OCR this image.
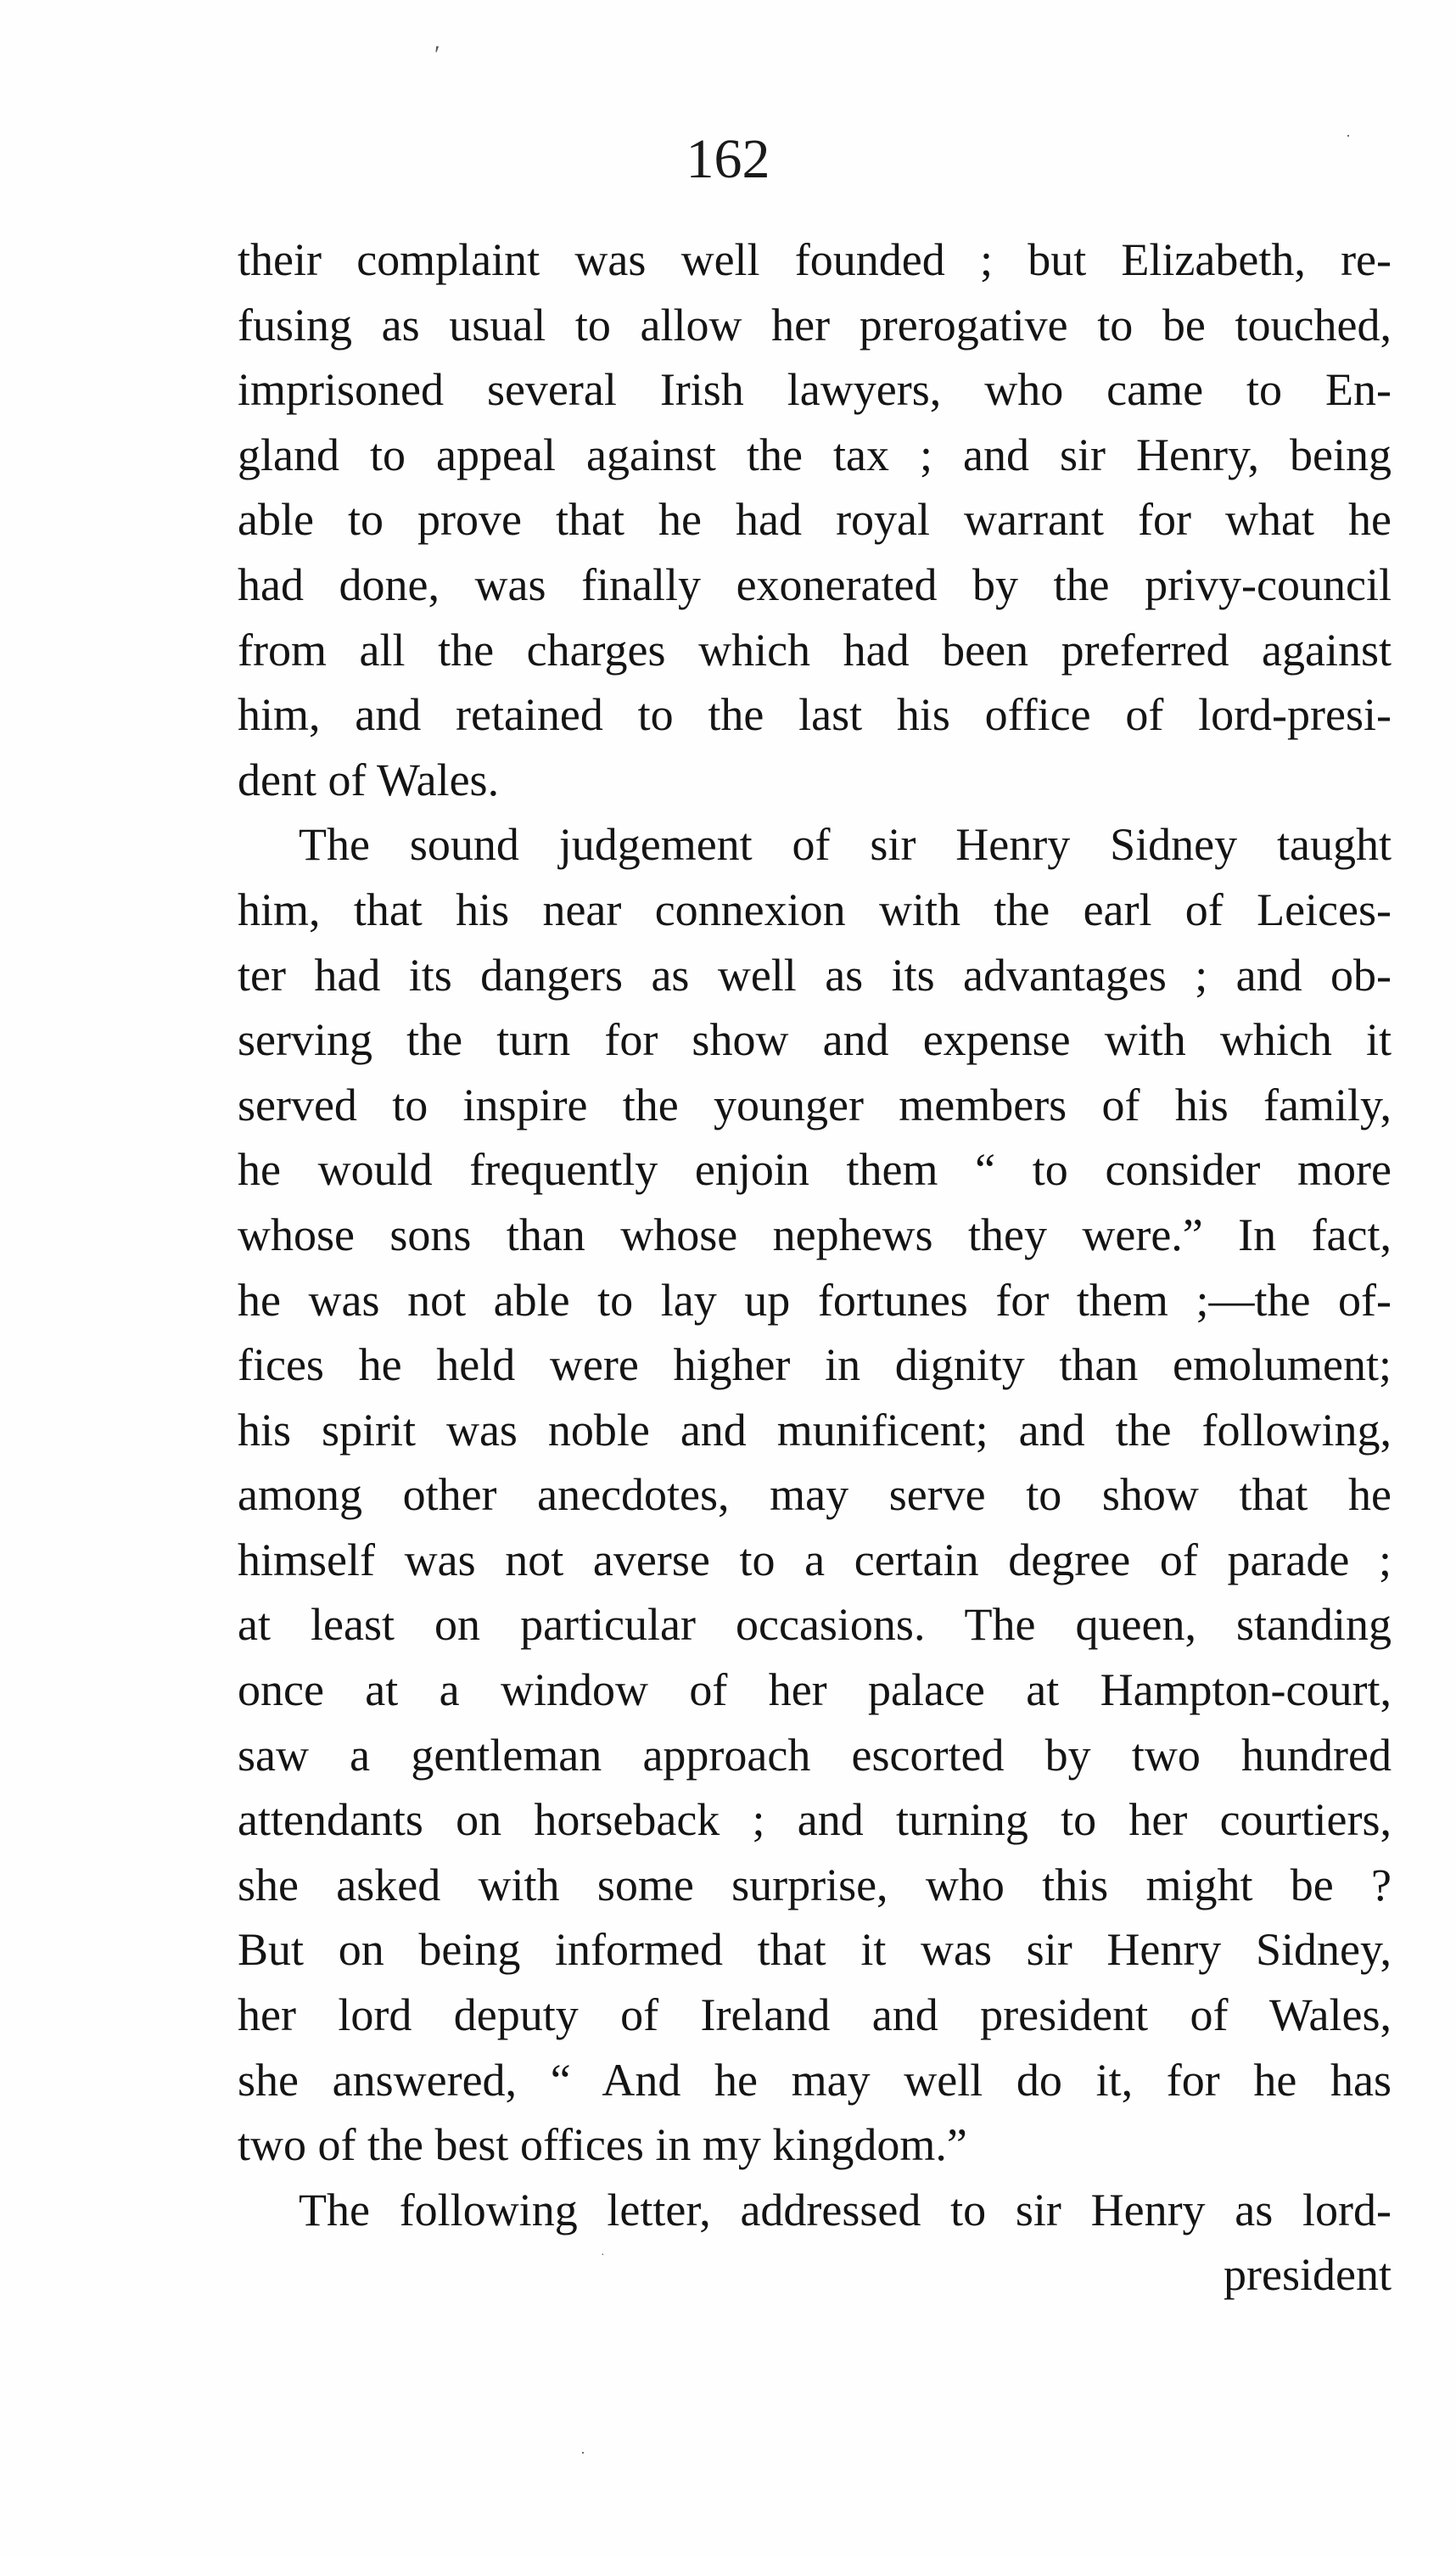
ʹ
·
·
·
162
their complaint was well founded ; but Elizabeth, re-
fusing as usual to allow her prerogative to be touched,
imprisoned several Irish lawyers, who came to En-
gland to appeal against the tax ; and sir Henry, being
able to prove that he had royal warrant for what he
had done, was finally exonerated by the privy-council
from all the charges which had been preferred against
him, and retained to the last his office of lord-presi-
dent of Wales.
The sound judgement of sir Henry Sidney taught
him, that his near connexion with the earl of Leices-
ter had its dangers as well as its advantages ; and ob-
serving the turn for show and expense with which it
served to inspire the younger members of his family,
he would frequently enjoin them “ to consider more
whose sons than whose nephews they were.” In fact,
he was not able to lay up fortunes for them ;—the of-
fices he held were higher in dignity than emolument;
his spirit was noble and munificent; and the following,
among other anecdotes, may serve to show that he
himself was not averse to a certain degree of parade ;
at least on particular occasions. The queen, standing
once at a window of her palace at Hampton-court,
saw a gentleman approach escorted by two hundred
attendants on horseback ; and turning to her courtiers,
she asked with some surprise, who this might be ?
But on being informed that it was sir Henry Sidney,
her lord deputy of Ireland and president of Wales,
she answered, “ And he may well do it, for he has
two of the best offices in my kingdom.”
The following letter, addressed to sir Henry as lord-
president
